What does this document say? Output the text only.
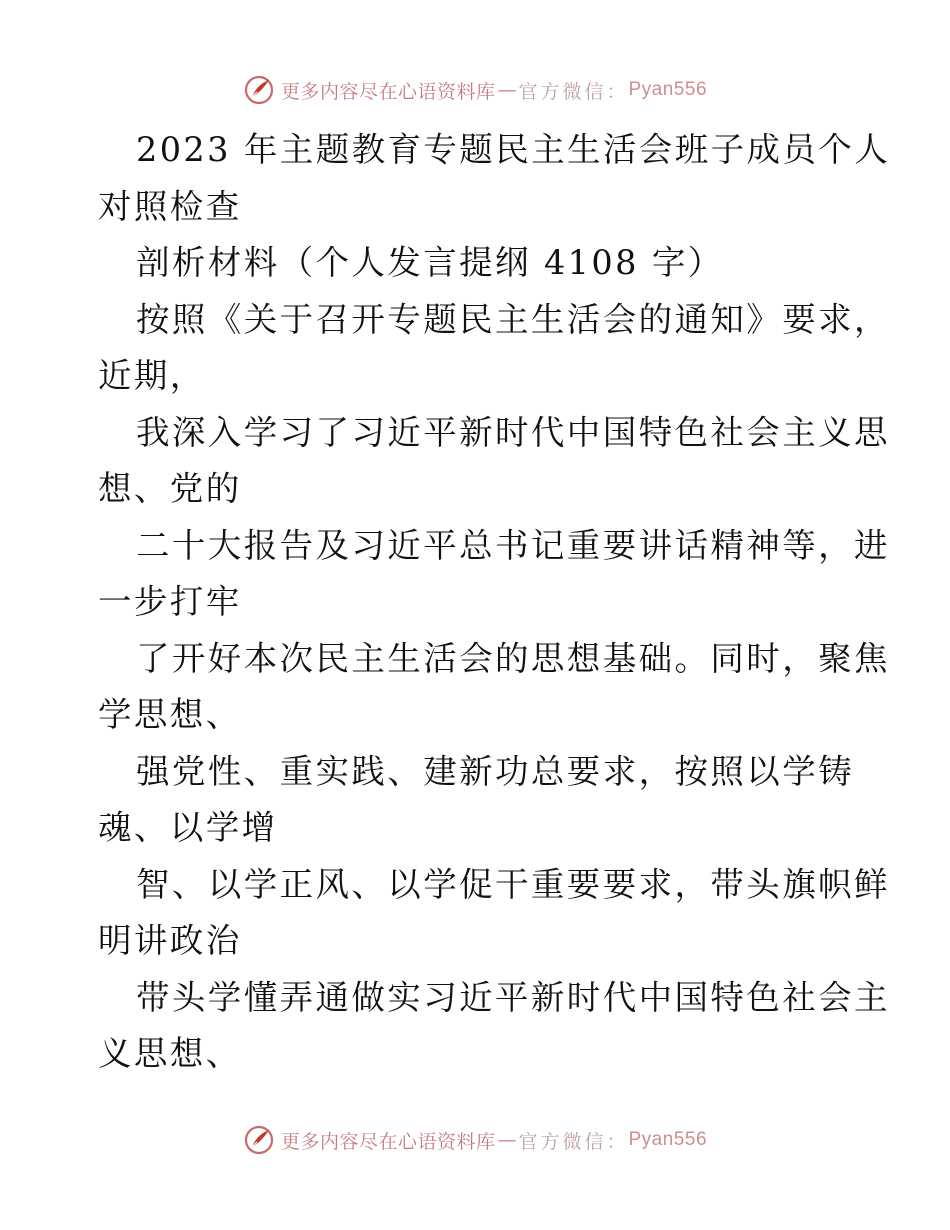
更多内容尽在心语资料库 — 官方微信： Pyan556
2023 年主题教育专题民主生活会班子成员个人
对照检查
剖析材料（个人发言提纲 4108 字）
按照《关于召开专题民主生活会的通知》要求，
近期，
我深入学习了习近平新时代中国特色社会主义思
想、党的
二十大报告及习近平总书记重要讲话精神等，进
一步打牢
了开好本次民主生活会的思想基础。同时，聚焦
学思想、
强党性、重实践、建新功总要求，按照以学铸
魂、以学增
智、以学正风、以学促干重要要求，带头旗帜鲜
明讲政治
带头学懂弄通做实习近平新时代中国特色社会主
义思想、
更多内容尽在心语资料库 — 官方微信： Pyan556
